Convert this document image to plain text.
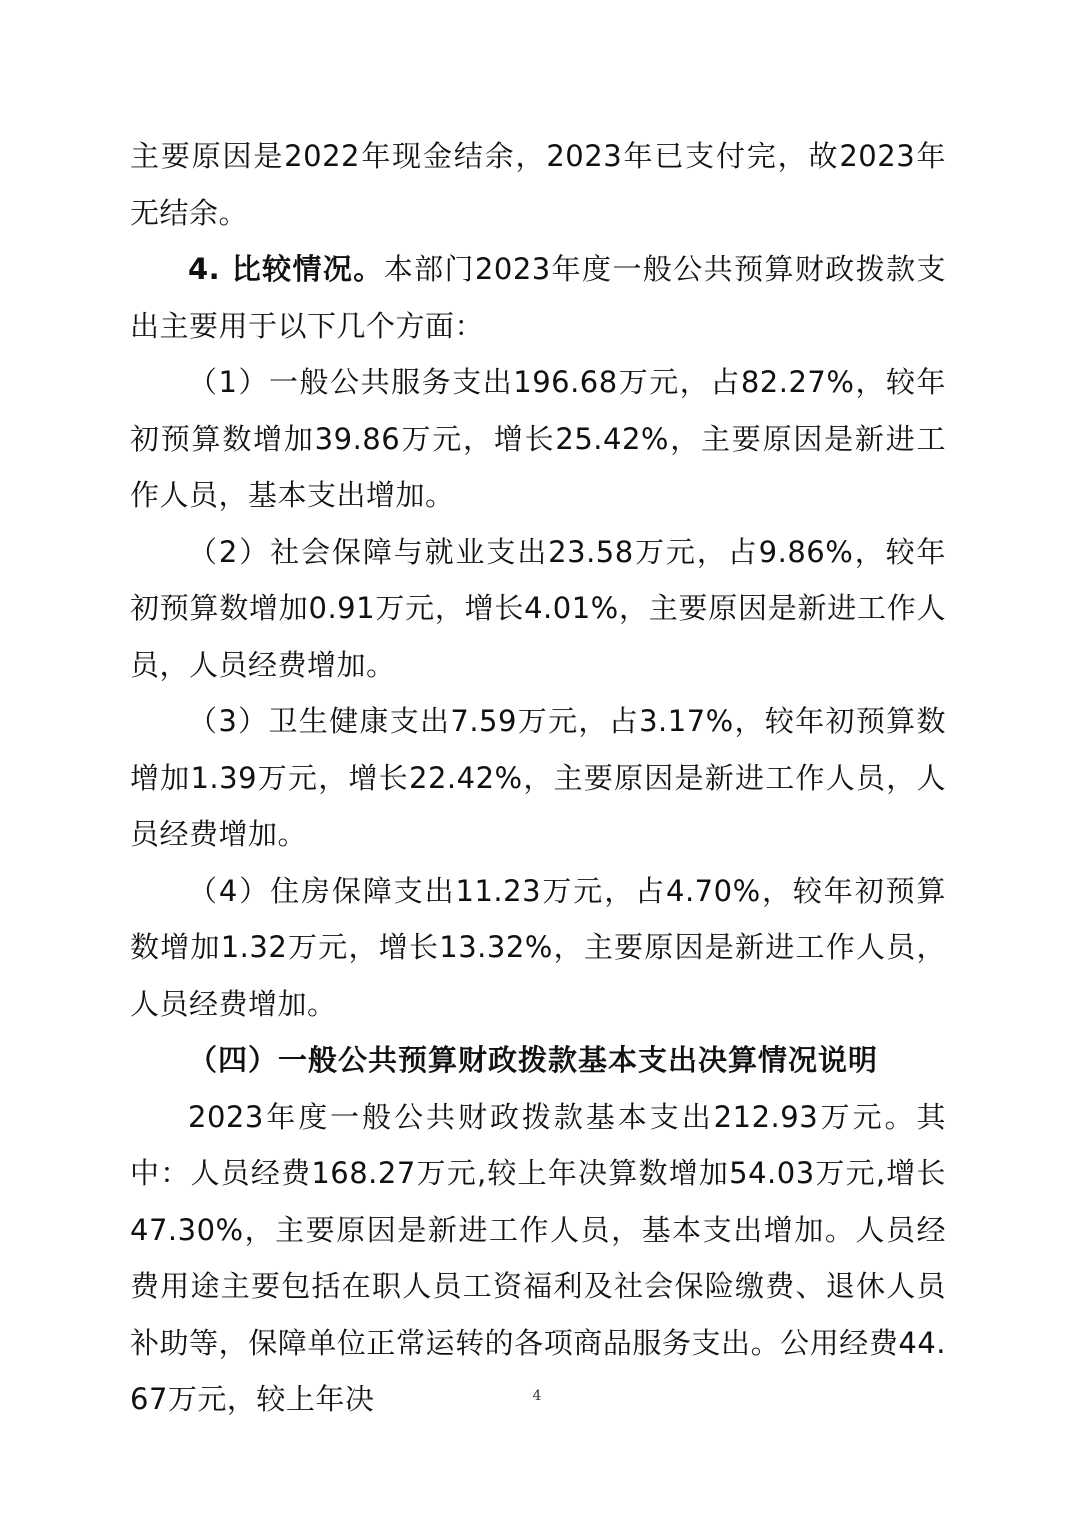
主要原因是2022年现金结余，2023年已支付完，故2023年无结余。

4. 比较情况。本部门2023年度一般公共预算财政拨款支出主要用于以下几个方面：

（1）一般公共服务支出196.68万元，占82.27%，较年初预算数增加39.86万元，增长25.42%，主要原因是新进工作人员，基本支出增加。

（2）社会保障与就业支出23.58万元，占9.86%，较年初预算数增加0.91万元，增长4.01%，主要原因是新进工作人员，人员经费增加。

（3）卫生健康支出7.59万元，占3.17%，较年初预算数增加1.39万元，增长22.42%，主要原因是新进工作人员，人员经费增加。

（4）住房保障支出11.23万元，占4.70%，较年初预算数增加1.32万元，增长13.32%，主要原因是新进工作人员，人员经费增加。

（四）一般公共预算财政拨款基本支出决算情况说明

2023年度一般公共财政拨款基本支出212.93万元。其中：人员经费168.27万元,较上年决算数增加54.03万元,增长47.30%，主要原因是新进工作人员，基本支出增加。人员经费用途主要包括在职人员工资福利及社会保险缴费、退休人员补助等，保障单位正常运转的各项商品服务支出。公用经费44.67万元，较上年决	4
